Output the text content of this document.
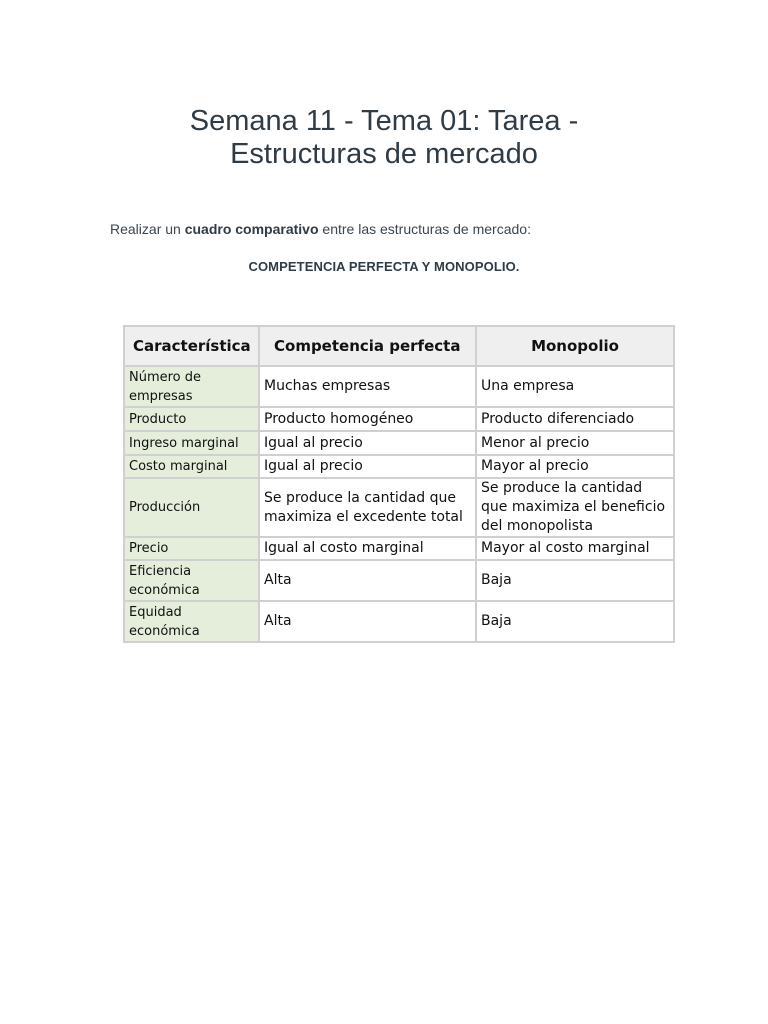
Semana 11 - Tema 01: Tarea -
Estructuras de mercado

Realizar un cuadro comparativo entre las estructuras de mercado:

COMPETENCIA PERFECTA Y MONOPOLIO.
Característica	Competencia perfecta	Monopolio
Número de empresas	Muchas empresas	Una empresa
Producto	Producto homogéneo	Producto diferenciado
Ingreso marginal	Igual al precio	Menor al precio
Costo marginal	Igual al precio	Mayor al precio
Producción	Se produce la cantidad que maximiza el excedente total	Se produce la cantidad que maximiza el beneficio del monopolista
Precio	Igual al costo marginal	Mayor al costo marginal
Eficiencia económica	Alta	Baja
Equidad económica	Alta	Baja
